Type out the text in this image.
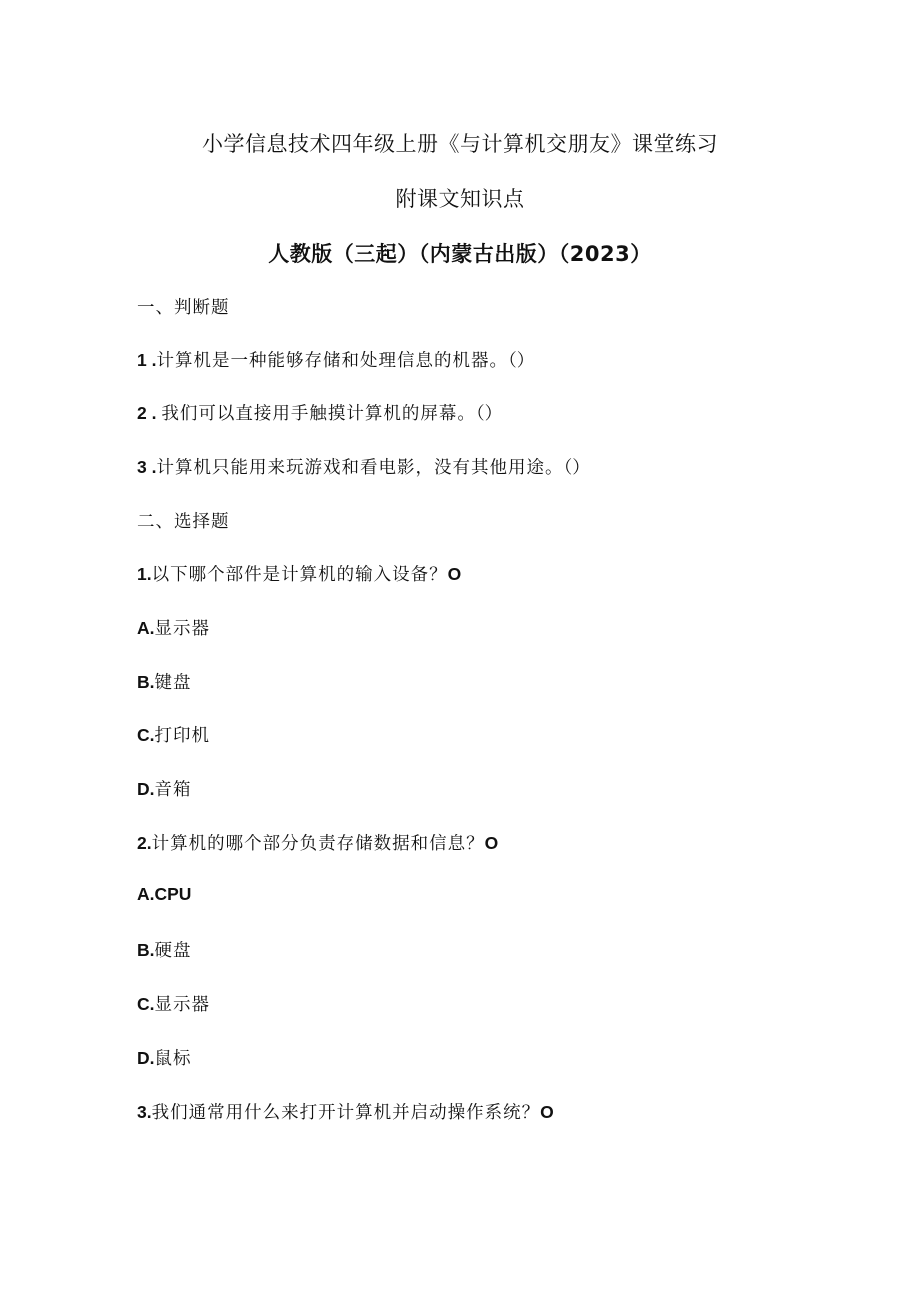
小学信息技术四年级上册《与计算机交朋友》课堂练习
附课文知识点
人教版（三起）（内蒙古出版）（2023）
一、判断题
1 .计算机是一种能够存储和处理信息的机器。（）
2 . 我们可以直接用手触摸计算机的屏幕。（）
3 .计算机只能用来玩游戏和看电影，没有其他用途。（）
二、选择题
1.以下哪个部件是计算机的输入设备？O
A.显示器
B.键盘
C.打印机
D.音箱
2.计算机的哪个部分负责存储数据和信息？O
A.CPU
B.硬盘
C.显示器
D.鼠标
3.我们通常用什么来打开计算机并启动操作系统？O
